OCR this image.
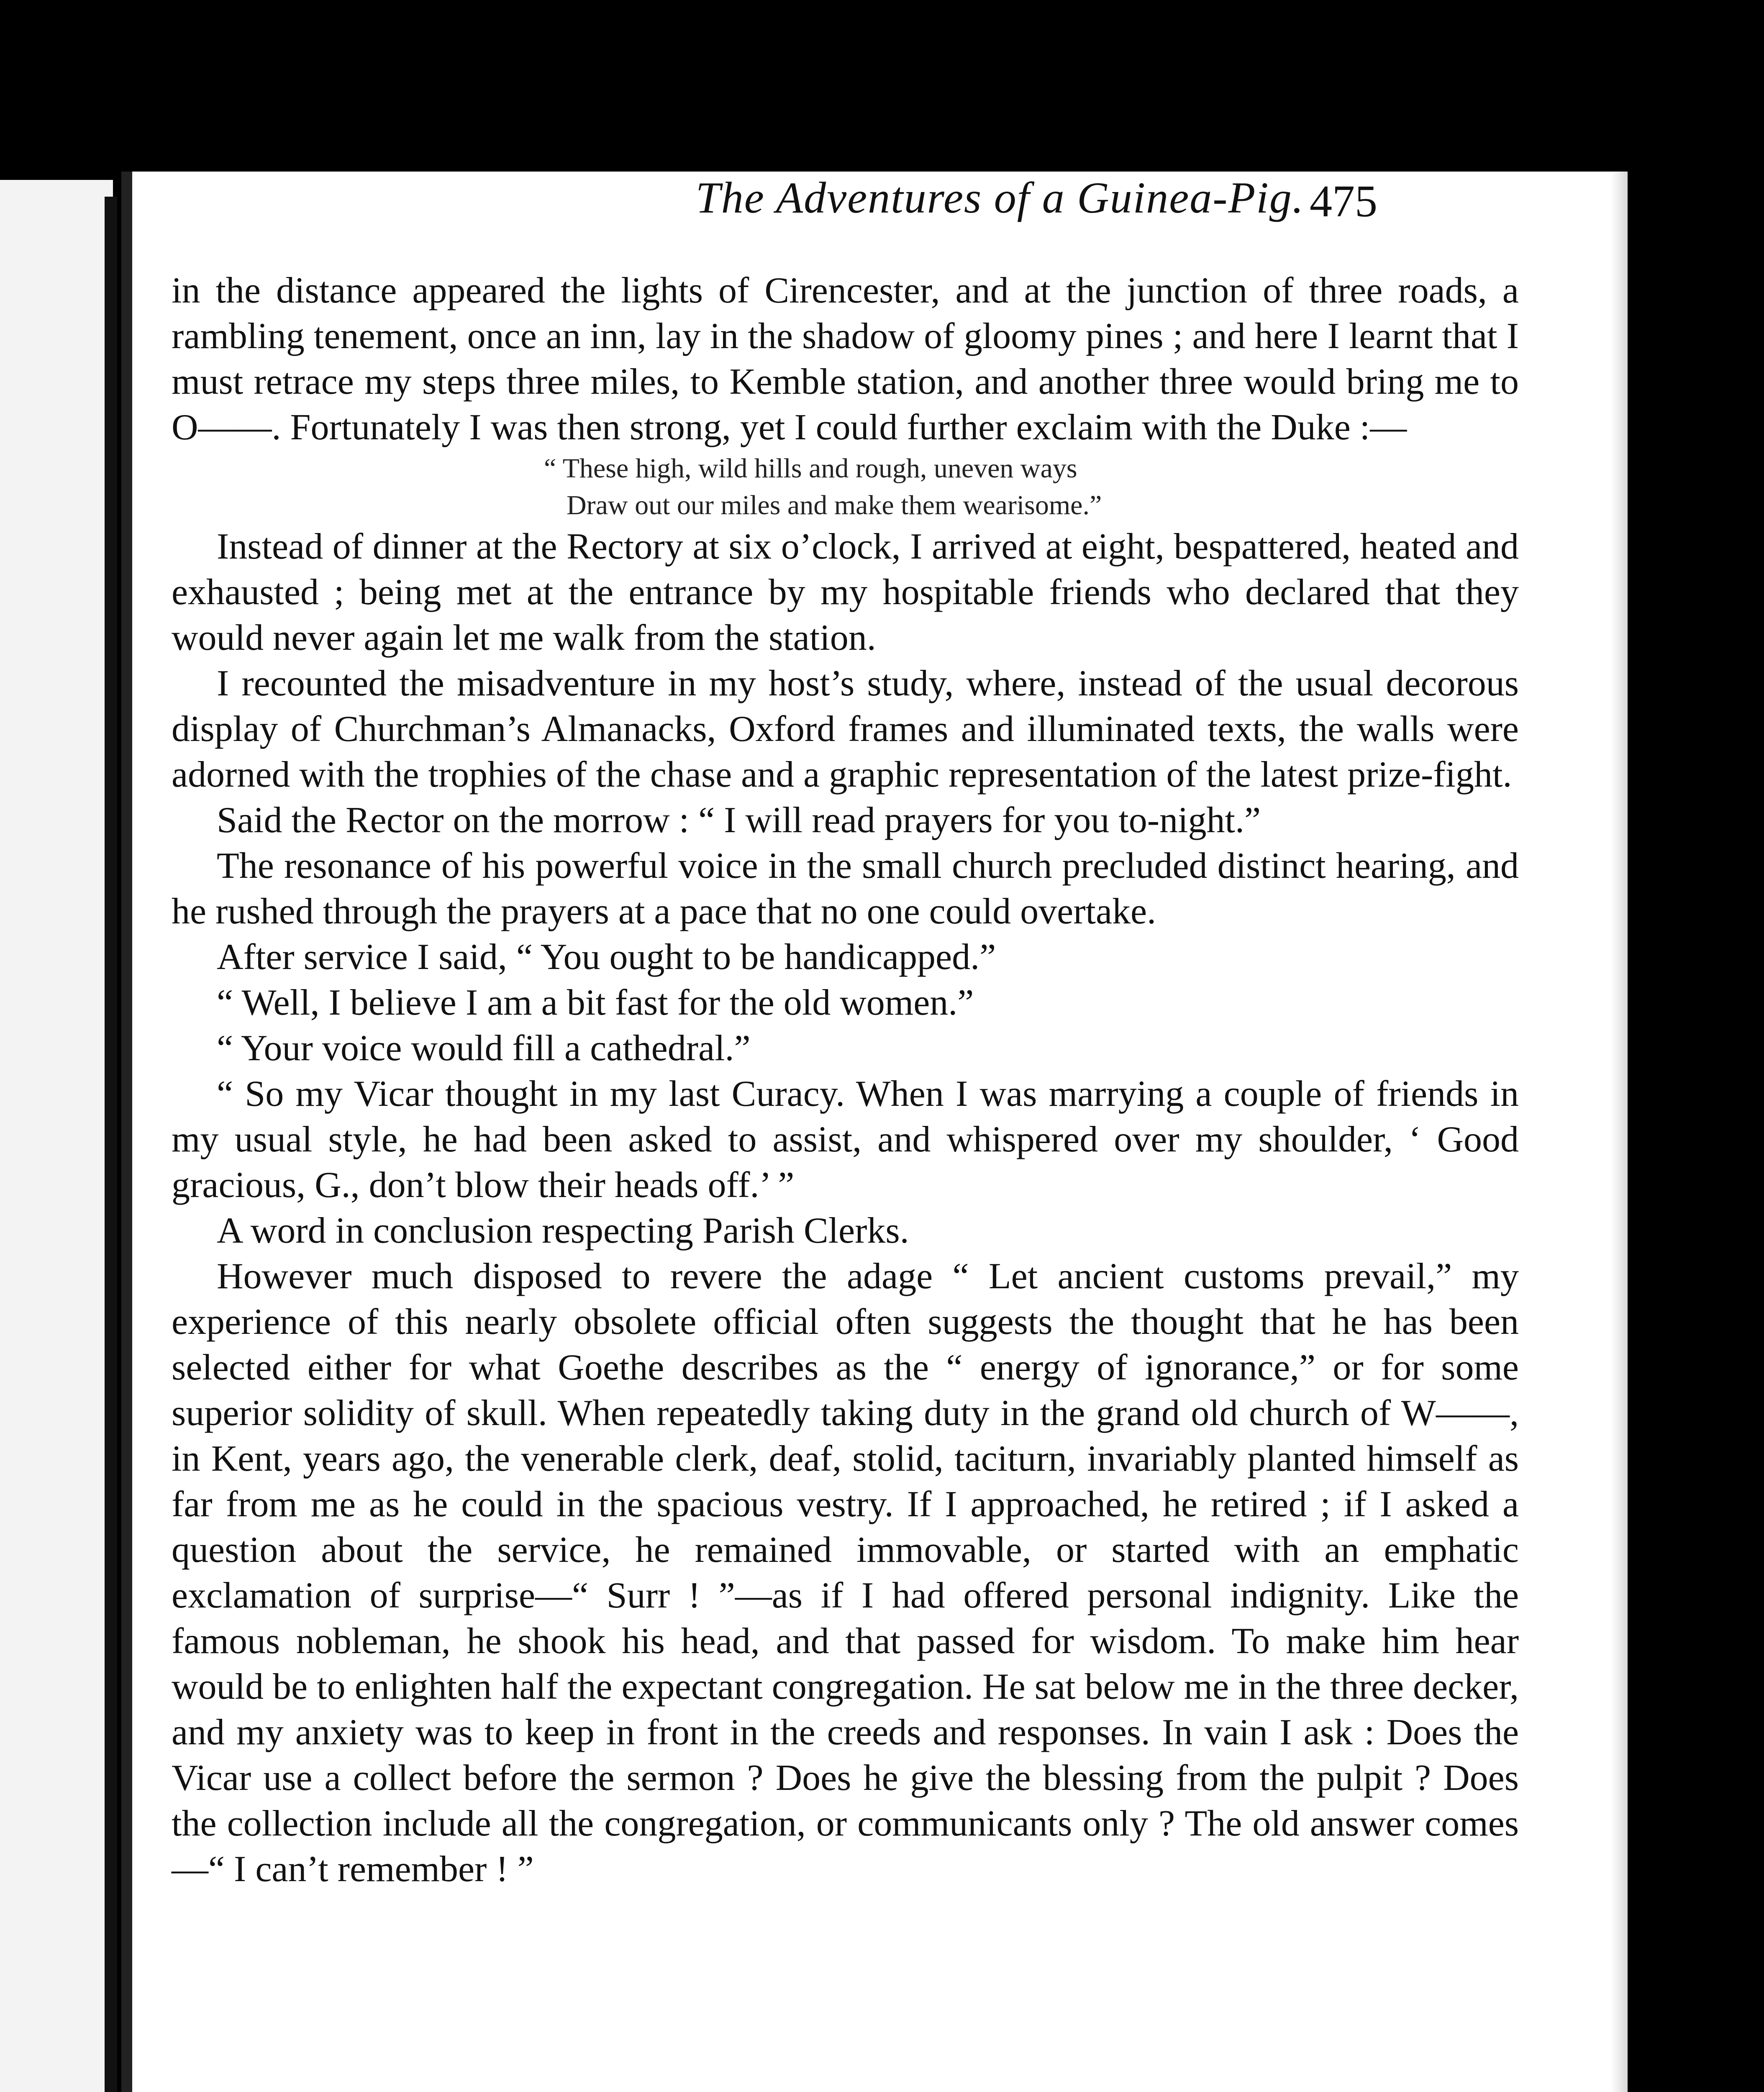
The Adventures of a Guinea-Pig. 475

in the distance appeared the lights of Cirencester, and at the junction of three roads, a rambling tenement, once an inn, lay in the shadow of gloomy pines ; and here I learnt that I must retrace my steps three miles, to Kemble station, and another three would bring me to O——. Fortunately I was then strong, yet I could further exclaim with the Duke :—

“ These high, wild hills and rough, uneven ways
Draw out our miles and make them wearisome.”

Instead of dinner at the Rectory at six o’clock, I arrived at eight, bespattered, heated and exhausted ; being met at the entrance by my hospitable friends who declared that they would never again let me walk from the station.

I recounted the misadventure in my host’s study, where, instead of the usual decorous display of Churchman’s Almanacks, Oxford frames and illuminated texts, the walls were adorned with the trophies of the chase and a graphic representation of the latest prize-fight.

Said the Rector on the morrow : “ I will read prayers for you to-night.”

The resonance of his powerful voice in the small church precluded distinct hearing, and he rushed through the prayers at a pace that no one could overtake.

After service I said, “ You ought to be handicapped.”

“ Well, I believe I am a bit fast for the old women.”

“ Your voice would fill a cathedral.”

“ So my Vicar thought in my last Curacy. When I was marrying a couple of friends in my usual style, he had been asked to assist, and whispered over my shoulder, ‘ Good gracious, G., don’t blow their heads off.’ ”

A word in conclusion respecting Parish Clerks.

However much disposed to revere the adage “ Let ancient customs prevail,” my experience of this nearly obsolete official often suggests the thought that he has been selected either for what Goethe describes as the “ energy of ignorance,” or for some superior solidity of skull. When repeatedly taking duty in the grand old church of W——, in Kent, years ago, the venerable clerk, deaf, stolid, taciturn, invariably planted himself as far from me as he could in the spacious vestry. If I approached, he retired ; if I asked a question about the service, he remained immovable, or started with an emphatic exclamation of surprise—“ Surr ! ”—as if I had offered personal indignity. Like the famous nobleman, he shook his head, and that passed for wisdom. To make him hear would be to enlighten half the expectant congregation. He sat below me in the three decker, and my anxiety was to keep in front in the creeds and responses. In vain I ask : Does the Vicar use a collect before the sermon ? Does he give the blessing from the pulpit ? Does the collection include all the congregation, or communicants only ? The old answer comes —“ I can’t remember ! ”
